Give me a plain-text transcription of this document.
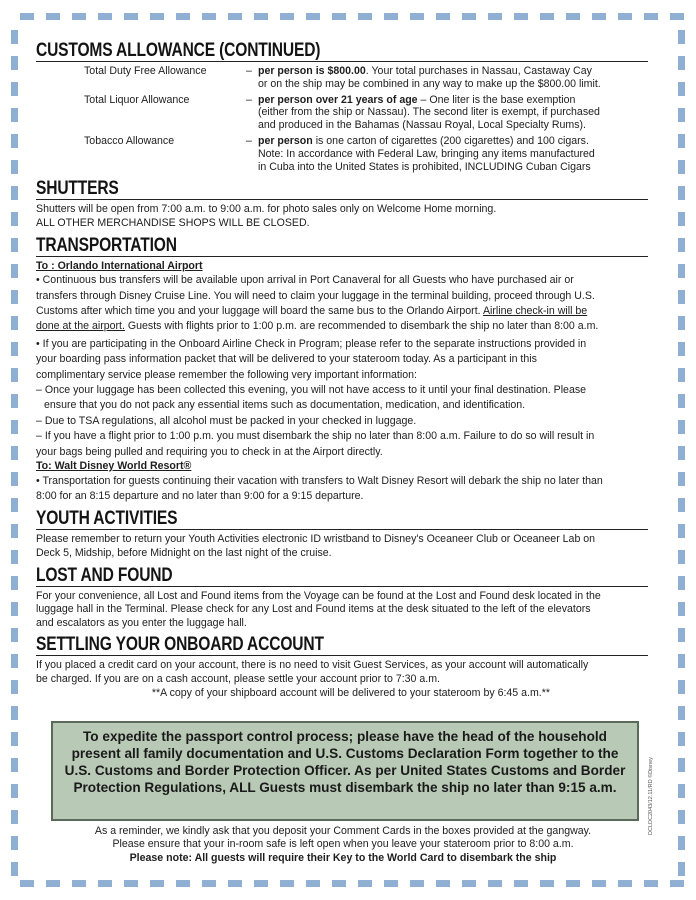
CUSTOMS ALLOWANCE (CONTINUED)
Total Duty Free Allowance	–	per person is $800.00. Your total purchases in Nassau, Castaway Cay
or on the ship may be combined in any way to make up the $800.00 limit.
Total Liquor Allowance	–	per person over 21 years of age – One liter is the base exemption
(either from the ship or Nassau). The second liter is exempt, if purchased
and produced in the Bahamas (Nassau Royal, Local Specialty Rums).
Tobacco Allowance	–	per person is one carton of cigarettes (200 cigarettes) and 100 cigars.
Note: In accordance with Federal Law, bringing any items manufactured
in Cuba into the United States is prohibited, INCLUDING Cuban Cigars
SHUTTERS
Shutters will be open from 7:00 a.m. to 9:00 a.m. for photo sales only on Welcome Home morning.
ALL OTHER MERCHANDISE SHOPS WILL BE CLOSED.
TRANSPORTATION
To : Orlando International Airport
• Continuous bus transfers will be available upon arrival in Port Canaveral for all Guests who have purchased air or
transfers through Disney Cruise Line. You will need to claim your luggage in the terminal building, proceed through U.S.
Customs after which time you and your luggage will board the same bus to the Orlando Airport. Airline check-in will be
done at the airport. Guests with flights prior to 1:00 p.m. are recommended to disembark the ship no later than 8:00 a.m.
• If you are participating in the Onboard Airline Check in Program; please refer to the separate instructions provided in
your boarding pass information packet that will be delivered to your stateroom today. As a participant in this
complimentary service please remember the following very important information:
– Once your luggage has been collected this evening, you will not have access to it until your final destination. Please
ensure that you do not pack any essential items such as documentation, medication, and identification.
– Due to TSA regulations, all alcohol must be packed in your checked in luggage.
– If you have a flight prior to 1:00 p.m. you must disembark the ship no later than 8:00 a.m. Failure to do so will result in
your bags being pulled and requiring you to check in at the Airport directly.
To: Walt Disney World Resort®
• Transportation for guests continuing their vacation with transfers to Walt Disney Resort will debark the ship no later than
8:00 for an 8:15 departure and no later than 9:00 for a 9:15 departure.
YOUTH ACTIVITIES
Please remember to return your Youth Activities electronic ID wristband to Disney's Oceaneer Club or Oceaneer Lab on
Deck 5, Midship, before Midnight on the last night of the cruise.
LOST AND FOUND
For your convenience, all Lost and Found items from the Voyage can be found at the Lost and Found desk located in the
luggage hall in the Terminal. Please check for any Lost and Found items at the desk situated to the left of the elevators
and escalators as you enter the luggage hall.
SETTLING YOUR ONBOARD ACCOUNT
If you placed a credit card on your account, there is no need to visit Guest Services, as your account will automatically
be charged. If you are on a cash account, please settle your account prior to 7:30 a.m.
**A copy of your shipboard account will be delivered to your stateroom by 6:45 a.m.**

To expedite the passport control process; please have the head of the household present all family documentation and U.S. Customs Declaration Form together to the U.S. Customs and Border Protection Officer. As per United States Customs and Border Protection Regulations, ALL Guests must disembark the ship no later than 9:15 a.m.

As a reminder, we kindly ask that you deposit your Comment Cards in the boxes provided at the gangway.
Please ensure that your in-room safe is left open when you leave your stateroom prior to 8:00 a.m.
Please note: All guests will require their Key to the World Card to disembark the ship
DCLDC2043/12.11/RD ©Disney
